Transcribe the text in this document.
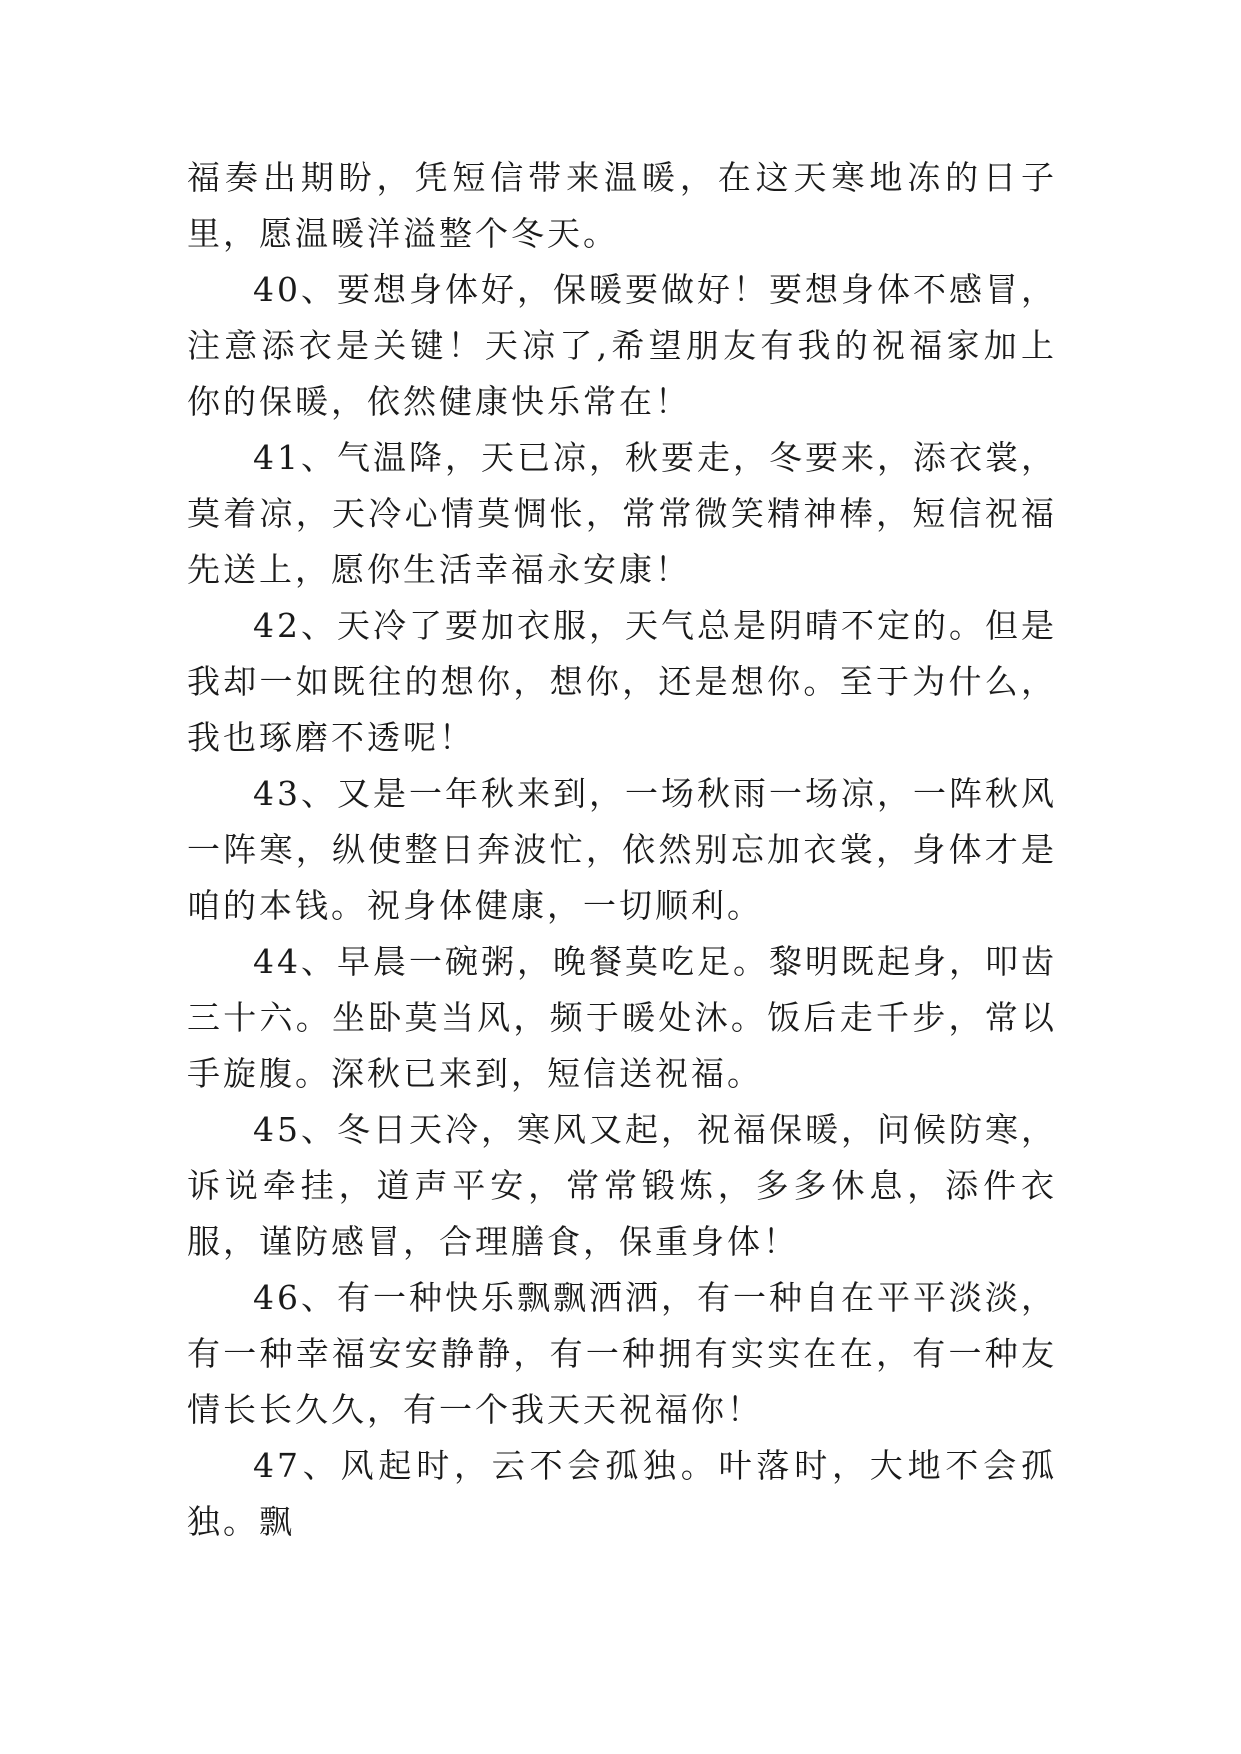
福奏出期盼，凭短信带来温暖，在这天寒地冻的日子里，愿温暖洋溢整个冬天。

40、要想身体好，保暖要做好！要想身体不感冒，注意添衣是关键！天凉了,希望朋友有我的祝福家加上你的保暖，依然健康快乐常在！

41、气温降，天已凉，秋要走，冬要来，添衣裳，莫着凉，天冷心情莫惆怅，常常微笑精神棒，短信祝福先送上，愿你生活幸福永安康！

42、天冷了要加衣服，天气总是阴晴不定的。但是我却一如既往的想你，想你，还是想你。至于为什么，我也琢磨不透呢！

43、又是一年秋来到，一场秋雨一场凉，一阵秋风一阵寒，纵使整日奔波忙，依然别忘加衣裳，身体才是咱的本钱。祝身体健康，一切顺利。

44、早晨一碗粥，晚餐莫吃足。黎明既起身，叩齿三十六。坐卧莫当风，频于暖处沐。饭后走千步，常以手旋腹。深秋已来到，短信送祝福。

45、冬日天冷，寒风又起，祝福保暖，问候防寒，诉说牵挂，道声平安，常常锻炼，多多休息，添件衣服，谨防感冒，合理膳食，保重身体！

46、有一种快乐飘飘洒洒，有一种自在平平淡淡，有一种幸福安安静静，有一种拥有实实在在，有一种友情长长久久，有一个我天天祝福你！

47、风起时，云不会孤独。叶落时，大地不会孤独。飘
